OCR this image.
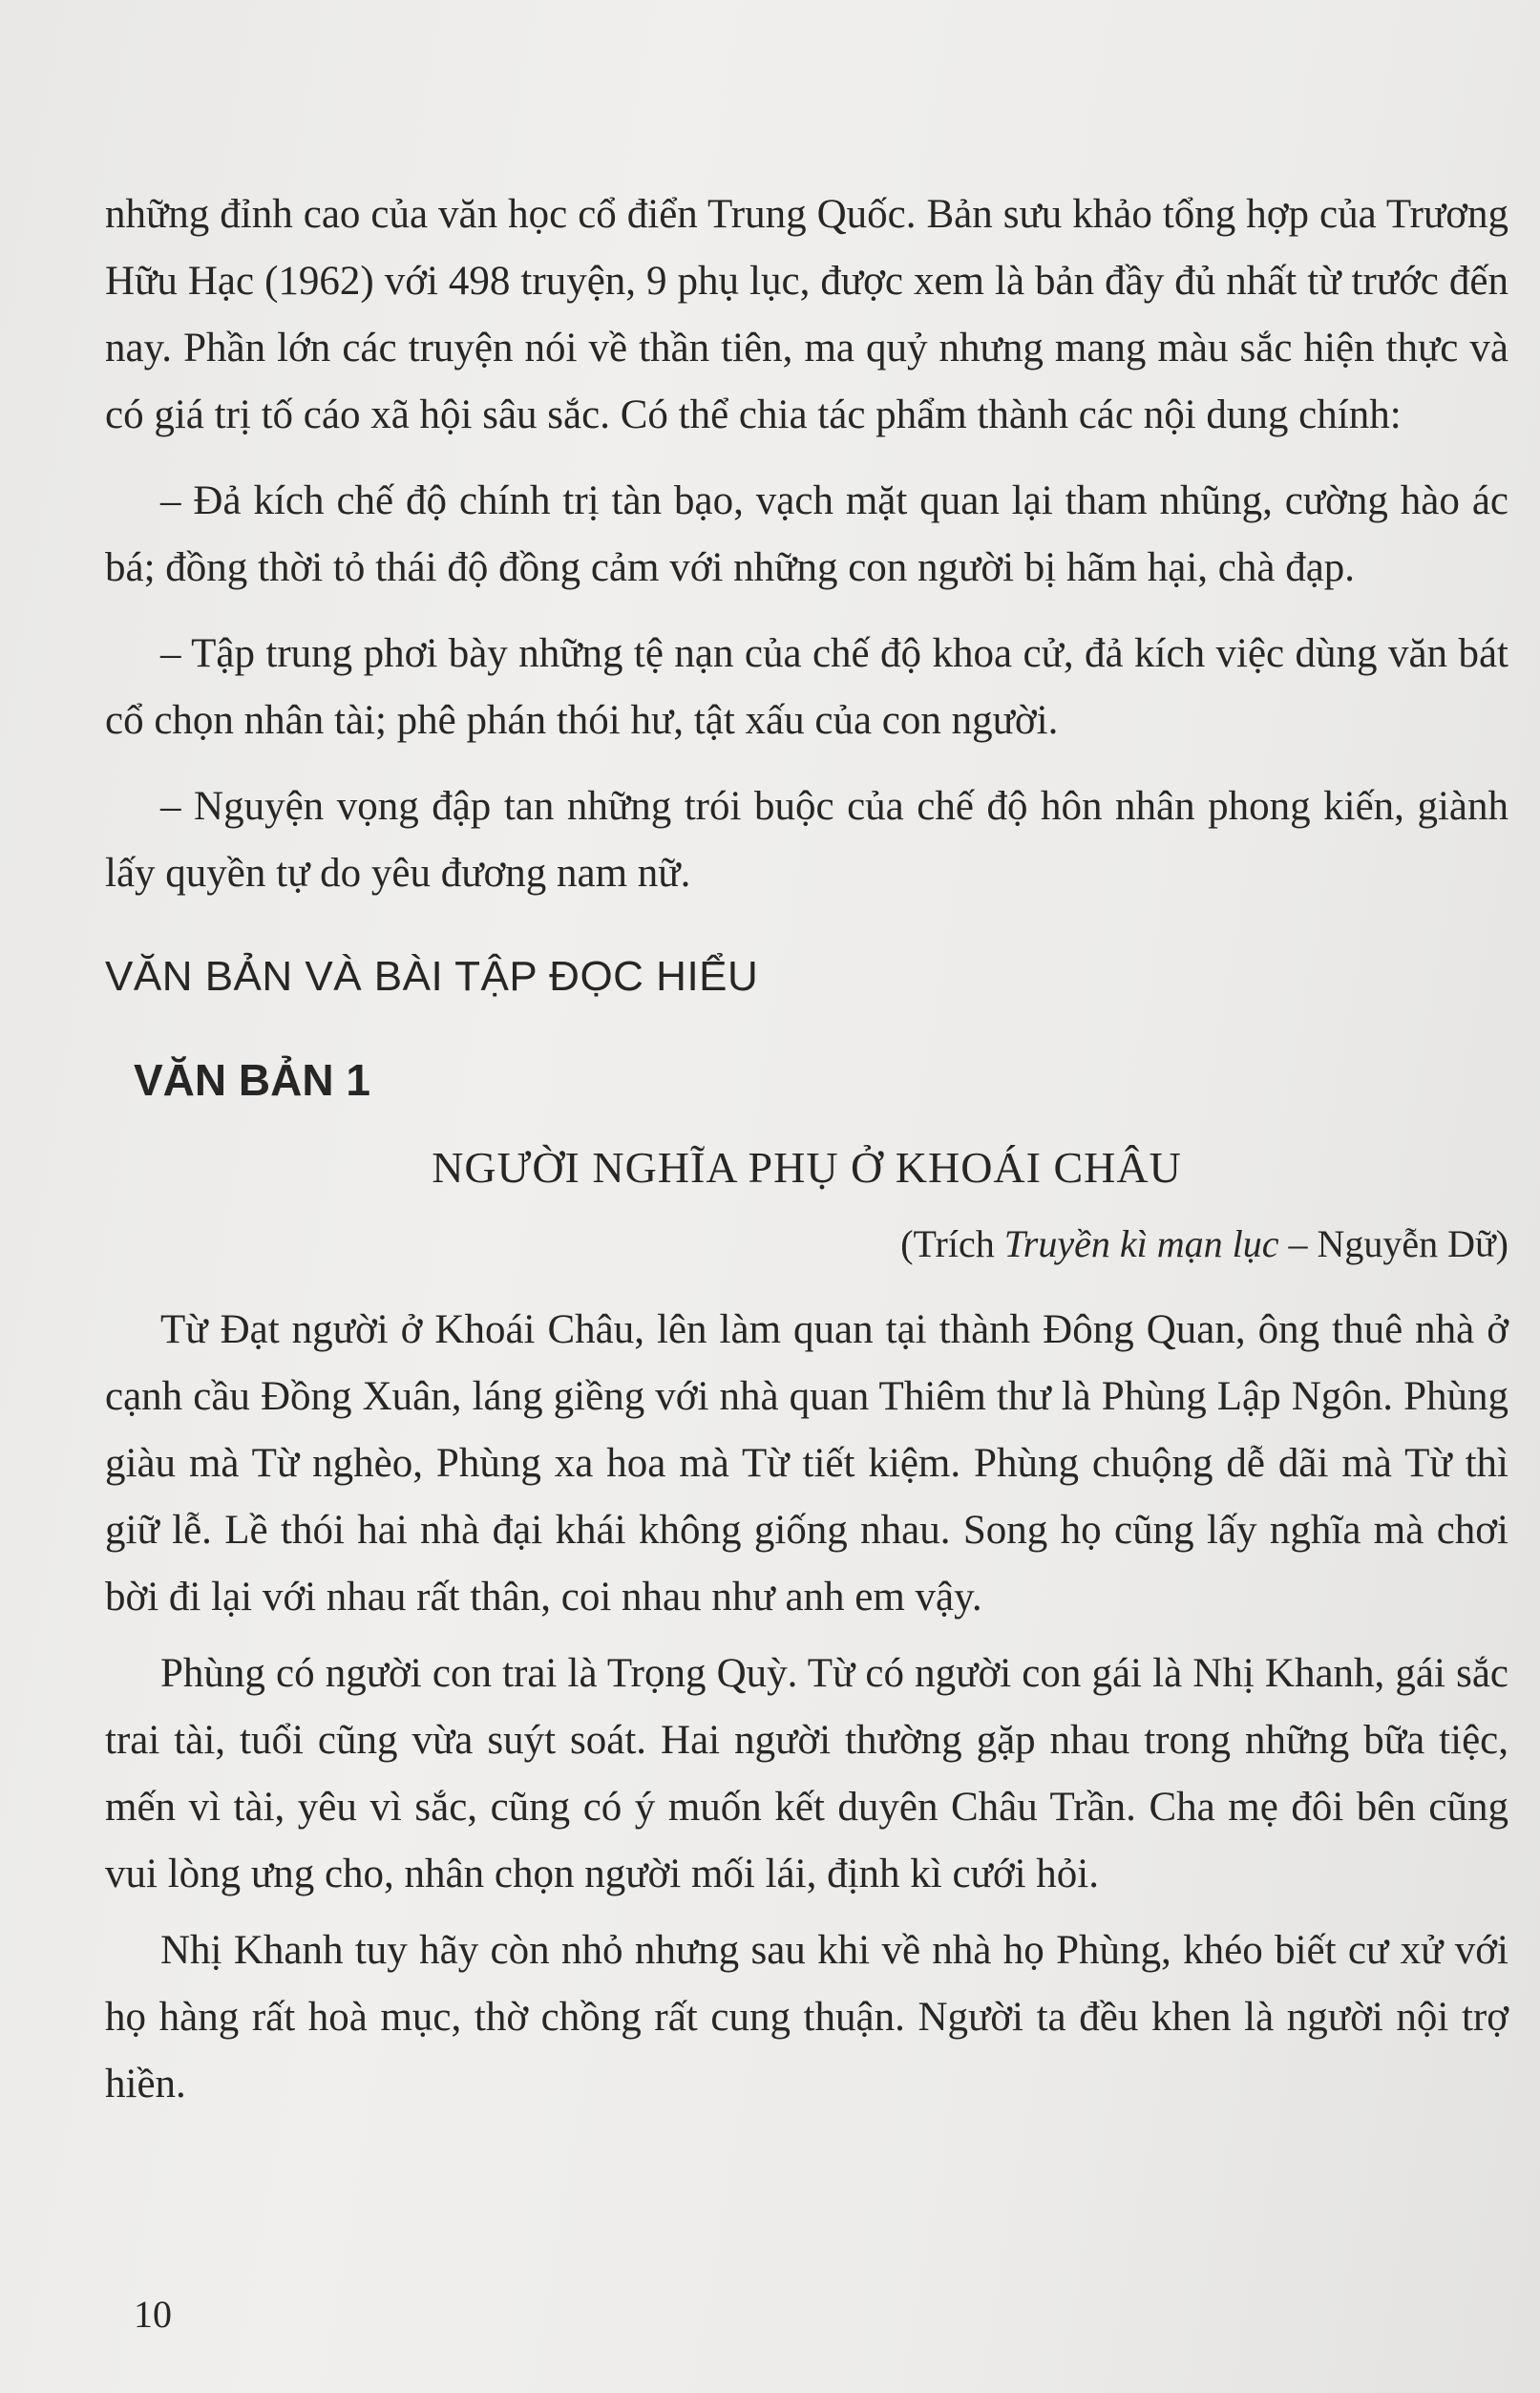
những đỉnh cao của văn học cổ điển Trung Quốc. Bản sưu khảo tổng hợp của Trương Hữu Hạc (1962) với 498 truyện, 9 phụ lục, được xem là bản đầy đủ nhất từ trước đến nay. Phần lớn các truyện nói về thần tiên, ma quỷ nhưng mang màu sắc hiện thực và có giá trị tố cáo xã hội sâu sắc. Có thể chia tác phẩm thành các nội dung chính:

– Đả kích chế độ chính trị tàn bạo, vạch mặt quan lại tham nhũng, cường hào ác bá; đồng thời tỏ thái độ đồng cảm với những con người bị hãm hại, chà đạp.

– Tập trung phơi bày những tệ nạn của chế độ khoa cử, đả kích việc dùng văn bát cổ chọn nhân tài; phê phán thói hư, tật xấu của con người.

– Nguyện vọng đập tan những trói buộc của chế độ hôn nhân phong kiến, giành lấy quyền tự do yêu đương nam nữ.

VĂN BẢN VÀ BÀI TẬP ĐỌC HIỂU
VĂN BẢN 1
NGƯỜI NGHĨA PHỤ Ở KHOÁI CHÂU

(Trích Truyền kì mạn lục – Nguyễn Dữ)

Từ Đạt người ở Khoái Châu, lên làm quan tại thành Đông Quan, ông thuê nhà ở cạnh cầu Đồng Xuân, láng giềng với nhà quan Thiêm thư là Phùng Lập Ngôn. Phùng giàu mà Từ nghèo, Phùng xa hoa mà Từ tiết kiệm. Phùng chuộng dễ dãi mà Từ thì giữ lễ. Lề thói hai nhà đại khái không giống nhau. Song họ cũng lấy nghĩa mà chơi bời đi lại với nhau rất thân, coi nhau như anh em vậy.

Phùng có người con trai là Trọng Quỳ. Từ có người con gái là Nhị Khanh, gái sắc trai tài, tuổi cũng vừa suýt soát. Hai người thường gặp nhau trong những bữa tiệc, mến vì tài, yêu vì sắc, cũng có ý muốn kết duyên Châu Trần. Cha mẹ đôi bên cũng vui lòng ưng cho, nhân chọn người mối lái, định kì cưới hỏi.

Nhị Khanh tuy hãy còn nhỏ nhưng sau khi về nhà họ Phùng, khéo biết cư xử với họ hàng rất hoà mục, thờ chồng rất cung thuận. Người ta đều khen là người nội trợ hiền.

10
